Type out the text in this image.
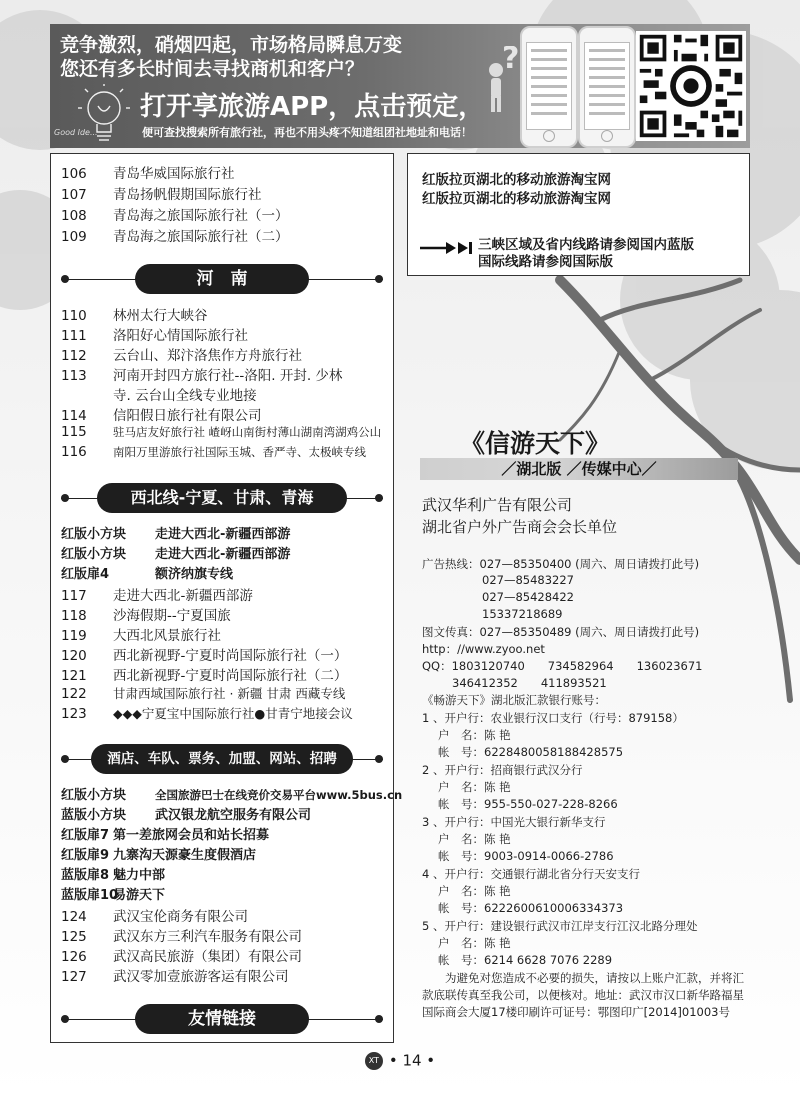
竞争激烈，硝烟四起，市场格局瞬息万变
您还有多长时间去寻找商机和客户？
Good Ide...
打开享旅游APP，点击预定，
便可查找搜索所有旅行社，再也不用头疼不知道组团社地址和电话！
?
106 青岛华威国际旅行社
107 青岛扬帆假期国际旅行社
108 青岛海之旅国际旅行社（一）
109 青岛海之旅国际旅行社（二）
河　南
110 林州太行大峡谷
111 洛阳好心情国际旅行社
112 云台山、郑汴洛焦作方舟旅行社
113 河南开封四方旅行社--洛阳. 开封. 少林
寺. 云台山全线专业地接
114 信阳假日旅行社有限公司
115 驻马店友好旅行社 嵖岈山南街村薄山湖南湾湖鸡公山
116 南阳万里游旅行社国际玉城、香严寺、太极峡专线
西北线-宁夏、甘肃、青海
红版小方块 走进大西北-新疆西部游
红版小方块 走进大西北-新疆西部游
红版扉4	额济纳旗专线
117 走进大西北-新疆西部游
118 沙海假期--宁夏国旅
119 大西北风景旅行社
120 西北新视野-宁夏时尚国际旅行社（一）
121 西北新视野-宁夏时尚国际旅行社（二）
122 甘肃西域国际旅行社 · 新疆 甘肃 西藏专线
123 ◆◆◆宁夏宝中国际旅行社●甘青宁地接会议
酒店、车队、票务、加盟、网站、招聘
红版小方块	全国旅游巴士在线竞价交易平台www.5bus.cn
蓝版小方块 武汉银龙航空服务有限公司
红版扉7 第一差旅网会员和站长招募
红版扉9 九寨沟天源豪生度假酒店
蓝版扉8 魅力中部
蓝版扉10易游天下
124 武汉宝伦商务有限公司
125 武汉东方三利汽车服务有限公司
126 武汉高民旅游（集团）有限公司
127 武汉零加壹旅游客运有限公司
友情链接
红版拉页湖北的移动旅游淘宝网
红版拉页湖北的移动旅游淘宝网
三峡区域及省内线路请参阅国内蓝版
国际线路请参阅国际版
《信游天下》
／湖北版 ／传媒中心／
武汉华利广告有限公司
湖北省户外广告商会会长单位
广告热线：027—85350400 (周六、周日请拨打此号)
027—85483227
027—85428422
15337218689
图文传真：027—85350489 (周六、周日请拨打此号)
http：//www.zyoo.net
QQ：1803120740　　734582964　　136023671
346412352　　411893521
《畅游天下》湖北版汇款银行账号：
1 、开户行：农业银行汉口支行（行号：879158）
户　名：陈 艳
帐　号：6228480058188428575
2 、开户行：招商银行武汉分行
户　名：陈 艳
帐　号：955-550-027-228-8266
3 、开户行：中国光大银行新华支行
户　名：陈 艳
帐　号：9003-0914-0066-2786
4 、开户行：交通银行湖北省分行天安支行
户　名：陈 艳
帐　号：6222600610006334373
5 、开户行：建设银行武汉市江岸支行江汉北路分理处
户　名：陈 艳
帐　号：6214 6628 7076 2289
为避免对您造成不必要的损失，请按以上账户汇款，并将汇款底联传真至我公司，以便核对。地址：武汉市汉口新华路福星国际商会大厦17楼印刷许可证号：鄂图印广[2014]01003号
XT • 14 •
